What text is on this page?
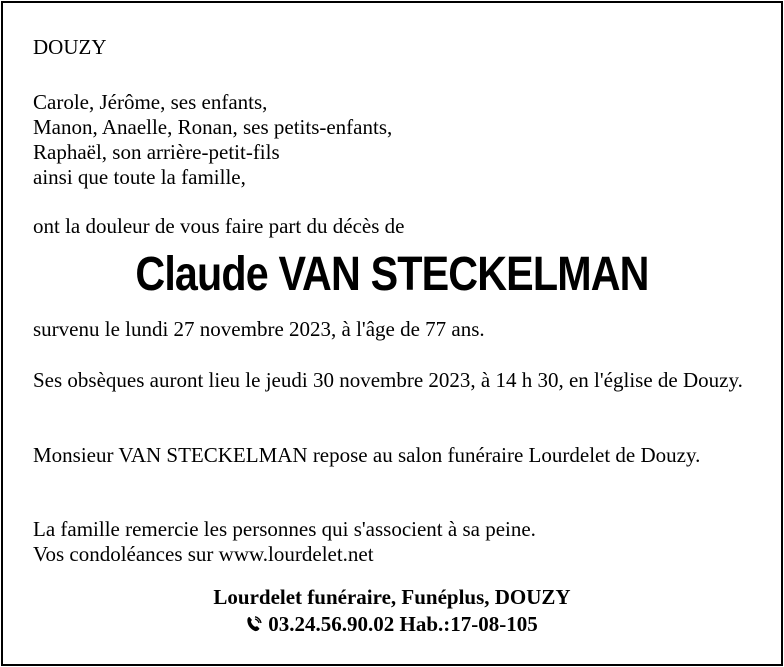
DOUZY

Carole, Jérôme, ses enfants,

Manon, Anaelle, Ronan, ses petits-enfants,

Raphaël, son arrière-petit-fils

ainsi que toute la famille,

ont la douleur de vous faire part du décès de
Claude VAN STECKELMAN
survenu le lundi 27 novembre 2023, à l'âge de 77 ans.
Ses obsèques auront lieu le jeudi 30 novembre 2023, à 14 h 30, en l'église de Douzy.
Monsieur VAN STECKELMAN repose au salon funéraire Lourdelet de Douzy.

La famille remercie les personnes qui s'associent à sa peine.

Vos condoléances sur www.lourdelet.net

Lourdelet funéraire, Funéplus, DOUZY

03.24.56.90.02 Hab.:17-08-105
